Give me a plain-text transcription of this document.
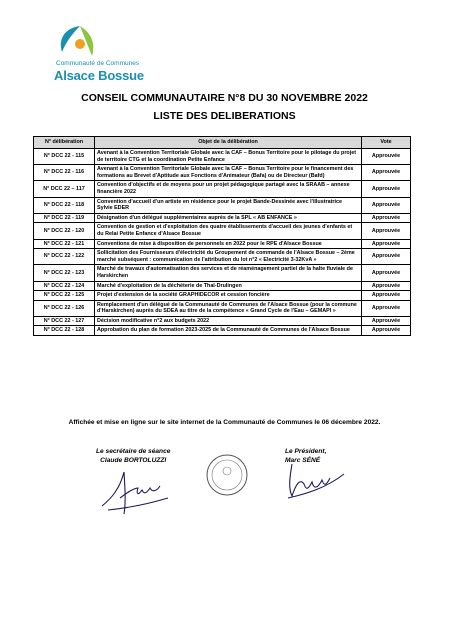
Communauté de Communes
Alsace Bossue
CONSEIL COMMUNAUTAIRE N°8 DU 30 NOVEMBRE 2022
LISTE DES DELIBERATIONS
N° délibération	Objet de la délibération	Vote
N° DCC 22 - 115	Avenant à la Convention Territoriale Globale avec la CAF – Bonus Territoire pour le pilotage du projet de territoire CTG et la coordination Petite Enfance	Approuvée
N° DCC 22 - 116	Avenant à la Convention Territoriale Globale avec la CAF – Bonus Territoire pour le financement des formations au Brevet d'Aptitude aux Fonctions d'Animateur (Bafa) ou de Directeur (Bafd)	Approuvée
N° DCC 22 – 117	Convention d'objectifs et de moyens pour un projet pédagogique partagé avec la SRAAB – annexe financière 2022	Approuvée
N° DCC 22 - 118	Convention d'accueil d'un artiste en résidence pour le projet Bande-Dessinée avec l'illustratrice Sylvie EDER	Approuvée
N° DCC 22 - 119	Désignation d'un délégué supplémentaires auprès de la SPL « AB ENFANCE »	Approuvée
N° DCC 22 - 120	Convention de gestion et d'exploitation des quatre établissements d'accueil des jeunes d'enfants et du Relai Petite Enfance d'Alsace Bossue	Approuvée
N° DCC 22 - 121	Conventions de mise à disposition de personnels en 2022 pour le RPE d'Alsace Bossue	Approuvée
N° DCC 22 - 122	Sollicitation des Fournisseurs d'électricité du Groupement de commande de l'Alsace Bossue – 2ème marché subséquent : communication de l'attribution du lot n°2 « Electricité 3-32KvA »	Approuvée
N° DCC 22 - 123	Marché de travaux d'automatisation des services et de réaménagement partiel de la halte fluviale de Harskirchen	Approuvée
N° DCC 22 - 124	Marché d'exploitation de la déchèterie de Thal-Drulingen	Approuvée
N° DCC 22 - 125	Projet d'extension de la société GRAPHIDECOR et cession foncière	Approuvée
N° DCC 22 - 126	Remplacement d'un délégué de la Communauté de Communes de l'Alsace Bossue (pour la commune d'Harskirchen) auprès du SDEA au titre de la compétence « Grand Cycle de l'Eau – GEMAPI »	Approuvée
N° DCC 22 - 127	Décision modificative n°2 aux budgets 2022	Approuvée
N° DCC 22 - 128	Approbation du plan de formation 2023-2025 de la Communauté de Communes de l'Alsace Bossue	Approuvée
Affichée et mise en ligne sur le site internet de la Communauté de Communes le 06 décembre 2022.
Le secrétaire de séance
Claude BORTOLUZZI
Le Président,
Marc SÉNÉ
